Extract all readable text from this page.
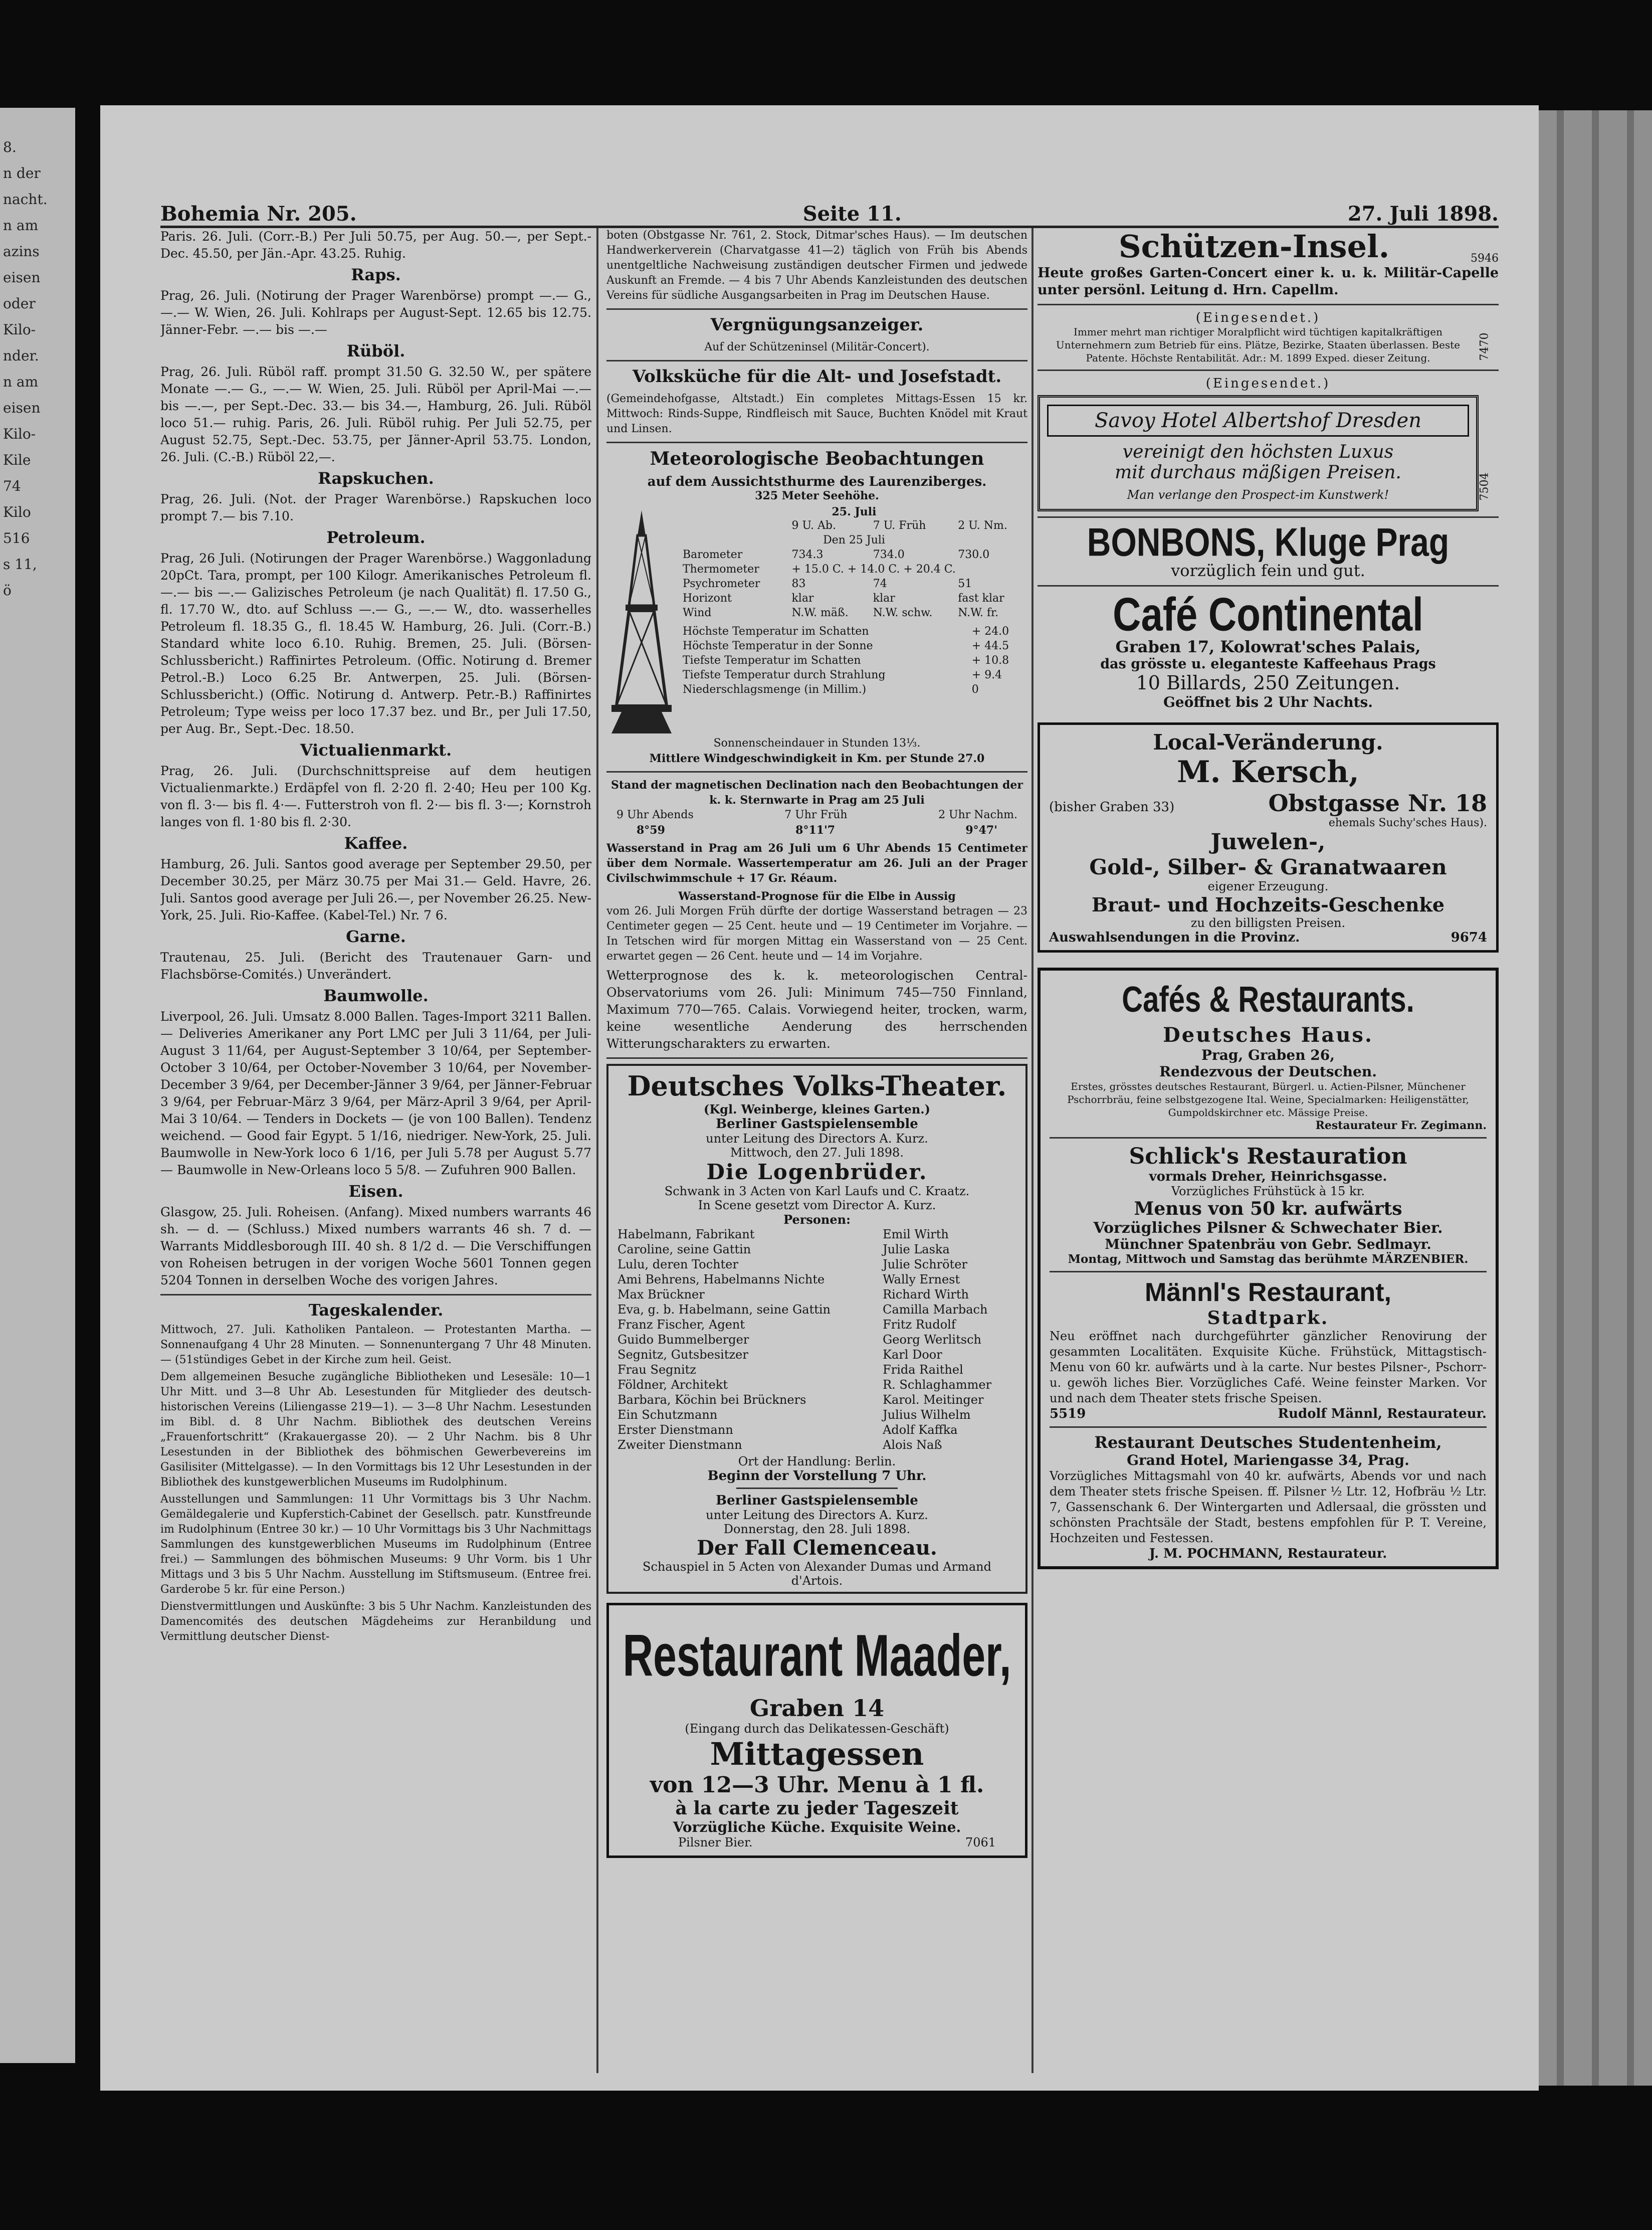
8.
n der
nacht.
n am
azins
eisen
oder
Kilo-
nder.
n am
eisen
Kilo-
Kile
74
Kilo
516
s 11,
ö
Bohemia Nr. 205.	Seite 11.	27. Juli 1898.

Paris. 26. Juli. (Corr.-B.) Per Juli 50.75, per Aug. 50.—, per Sept.-Dec. 45.50, per Jän.-Apr. 43.25. Ruhig.

Raps.

Prag, 26. Juli. (Notirung der Prager Warenbörse) prompt —.— G., —.— W. Wien, 26. Juli. Kohlraps per August-Sept. 12.65 bis 12.75. Jänner-Febr. —.— bis —.—

Rüböl.

Prag, 26. Juli. Rüböl raff. prompt 31.50 G. 32.50 W., per spätere Monate —.— G., —.— W. Wien, 25. Juli. Rüböl per April-Mai —.— bis —.—, per Sept.-Dec. 33.— bis 34.—, Hamburg, 26. Juli. Rüböl loco 51.— ruhig. Paris, 26. Juli. Rüböl ruhig. Per Juli 52.75, per August 52.75, Sept.-Dec. 53.75, per Jänner-April 53.75. London, 26. Juli. (C.-B.) Rüböl 22,—.

Rapskuchen.

Prag, 26. Juli. (Not. der Prager Warenbörse.) Rapskuchen loco prompt 7.— bis 7.10.

Petroleum.

Prag, 26 Juli. (Notirungen der Prager Warenbörse.) Waggonladung 20pCt. Tara, prompt, per 100 Kilogr. Amerikanisches Petroleum fl. —.— bis —.— Galizisches Petroleum (je nach Qualität) fl. 17.50 G., fl. 17.70 W., dto. auf Schluss —.— G., —.— W., dto. wasserhelles Petroleum fl. 18.35 G., fl. 18.45 W. Hamburg, 26. Juli. (Corr.-B.) Standard white loco 6.10. Ruhig. Bremen, 25. Juli. (Börsen-Schlussbericht.) Raffinirtes Petroleum. (Offic. Notirung d. Bremer Petrol.-B.) Loco 6.25 Br. Antwerpen, 25. Juli. (Börsen-Schlussbericht.) (Offic. Notirung d. Antwerp. Petr.-B.) Raffinirtes Petroleum; Type weiss per loco 17.37 bez. und Br., per Juli 17.50, per Aug. Br., Sept.-Dec. 18.50.

Victualienmarkt.

Prag, 26. Juli. (Durchschnittspreise auf dem heutigen Victualienmarkte.) Erdäpfel von fl. 2·20 fl. 2·40; Heu per 100 Kg. von fl. 3·— bis fl. 4·—. Futterstroh von fl. 2·— bis fl. 3·—; Kornstroh langes von fl. 1·80 bis fl. 2·30.

Kaffee.

Hamburg, 26. Juli. Santos good average per September 29.50, per December 30.25, per März 30.75 per Mai 31.— Geld. Havre, 26. Juli. Santos good average per Juli 26.—, per November 26.25. New-York, 25. Juli. Rio-Kaffee. (Kabel-Tel.) Nr. 7 6.

Garne.

Trautenau, 25. Juli. (Bericht des Trautenauer Garn- und Flachsbörse-Comités.) Unverändert.

Baumwolle.

Liverpool, 26. Juli. Umsatz 8.000 Ballen. Tages-Import 3211 Ballen. — Deliveries Amerikaner any Port LMC per Juli 3 11/64, per Juli-August 3 11/64, per August-September 3 10/64, per September-October 3 10/64, per October-November 3 10/64, per November-December 3 9/64, per December-Jänner 3 9/64, per Jänner-Februar 3 9/64, per Februar-März 3 9/64, per März-April 3 9/64, per April-Mai 3 10/64. — Tenders in Dockets — (je von 100 Ballen). Tendenz weichend. — Good fair Egypt. 5 1/16, niedriger. New-York, 25. Juli. Baumwolle in New-York loco 6 1/16, per Juli 5.78 per August 5.77 — Baumwolle in New-Orleans loco 5 5/8. — Zufuhren 900 Ballen.

Eisen.

Glasgow, 25. Juli. Roheisen. (Anfang). Mixed numbers warrants 46 sh. — d. — (Schluss.) Mixed numbers warrants 46 sh. 7 d. — Warrants Middlesborough III. 40 sh. 8 1/2 d. — Die Verschiffungen von Roheisen betrugen in der vorigen Woche 5601 Tonnen gegen 5204 Tonnen in derselben Woche des vorigen Jahres.

Tageskalender.

Mittwoch, 27. Juli. Katholiken Pantaleon. — Protestanten Martha. — Sonnenaufgang 4 Uhr 28 Minuten. — Sonnenuntergang 7 Uhr 48 Minuten. — (51stündiges Gebet in der Kirche zum heil. Geist.

Dem allgemeinen Besuche zugängliche Bibliotheken und Lesesäle: 10—1 Uhr Mitt. und 3—8 Uhr Ab. Lesestunden für Mitglieder des deutsch-historischen Vereins (Liliengasse 219—1). — 3—8 Uhr Nachm. Lesestunden im Bibl. d. 8 Uhr Nachm. Bibliothek des deutschen Vereins „Frauenfortschritt“ (Krakauergasse 20). — 2 Uhr Nachm. bis 8 Uhr Lesestunden in der Bibliothek des böhmischen Gewerbevereins im Gasilisiter (Mittelgasse). — In den Vormittags bis 12 Uhr Lesestunden in der Bibliothek des kunstgewerblichen Museums im Rudolphinum.

Ausstellungen und Sammlungen: 11 Uhr Vormittags bis 3 Uhr Nachm. Gemäldegalerie und Kupferstich-Cabinet der Gesellsch. patr. Kunstfreunde im Rudolphinum (Entree 30 kr.) — 10 Uhr Vormittags bis 3 Uhr Nachmittags Sammlungen des kunstgewerblichen Museums im Rudolphinum (Entree frei.) — Sammlungen des böhmischen Museums: 9 Uhr Vorm. bis 1 Uhr Mittags und 3 bis 5 Uhr Nachm. Ausstellung im Stiftsmuseum. (Entree frei. Garderobe 5 kr. für eine Person.)

Dienstvermittlungen und Auskünfte: 3 bis 5 Uhr Nachm. Kanzleistunden des Damencomités des deutschen Mägdeheims zur Heranbildung und Vermittlung deutscher Dienst-

boten (Obstgasse Nr. 761, 2. Stock, Ditmar'sches Haus). — Im deutschen Handwerkerverein (Charvatgasse 41—2) täglich von Früh bis Abends unentgeltliche Nachweisung zuständigen deutscher Firmen und jedwede Auskunft an Fremde. — 4 bis 7 Uhr Abends Kanzleistunden des deutschen Vereins für südliche Ausgangsarbeiten in Prag im Deutschen Hause.

Vergnügungsanzeiger.

Auf der Schützeninsel (Militär-Concert).

Volksküche für die Alt- und Josefstadt.

(Gemeindehofgasse, Altstadt.) Ein completes Mittags-Essen 15 kr. Mittwoch: Rinds-Suppe, Rindfleisch mit Sauce, Buchten Knödel mit Kraut und Linsen.

Meteorologische Beobachtungen
auf dem Aussichtsthurme des Laurenziberges.
325 Meter Seehöhe.
25. Juli
	9 U. Ab.	7 U. Früh	2 U. Nm.
Den 25 Juli			
Barometer	734.3	734.0	730.0
Thermometer	+ 15.0 C. + 14.0 C. + 20.4 C.		
Psychrometer	83	74	51
Horizont	klar	klar	fast klar
Wind	N.W. mäß.	N.W. schw.	N.W. fr.
Höchste Temperatur im Schatten	+ 24.0
Höchste Temperatur in der Sonne	+ 44.5
Tiefste Temperatur im Schatten	+ 10.8
Tiefste Temperatur durch Strahlung	+ 9.4
Niederschlagsmenge (in Millim.)	0

Sonnenscheindauer in Stunden 13⅓.

Mittlere Windgeschwindigkeit in Km. per Stunde 27.0

Stand der magnetischen Declination nach den Beobachtungen der k. k. Sternwarte in Prag am 25 Juli

9 Uhr Abends	7 Uhr Früh	2 Uhr Nachm.
8°59	8°11'7	9°47'

Wasserstand in Prag am 26 Juli um 6 Uhr Abends 15 Centimeter über dem Normale. Wassertemperatur am 26. Juli an der Prager Civilschwimmschule + 17 Gr. Réaum.

Wasserstand-Prognose für die Elbe in Aussig

vom 26. Juli Morgen Früh dürfte der dortige Wasserstand betragen — 23 Centimeter gegen — 25 Cent. heute und — 19 Centimeter im Vorjahre. — In Tetschen wird für morgen Mittag ein Wasserstand von — 25 Cent. erwartet gegen — 26 Cent. heute und — 14 im Vorjahre.

Wetterprognose des k. k. meteorologischen Central-Observatoriums vom 26. Juli: Minimum 745—750 Finnland, Maximum 770—765. Calais. Vorwiegend heiter, trocken, warm, keine wesentliche Aenderung des herrschenden Witterungscharakters zu erwarten.

Deutsches Volks-Theater.
(Kgl. Weinberge, kleines Garten.)
Berliner Gastspielensemble
unter Leitung des Directors A. Kurz.
Mittwoch, den 27. Juli 1898.
Die Logenbrüder.
Schwank in 3 Acten von Karl Laufs und C. Kraatz.
In Scene gesetzt vom Director A. Kurz.
Personen:
Habelmann, Fabrikant	Emil Wirth
Caroline, seine Gattin	Julie Laska
Lulu, deren Tochter	Julie Schröter
Ami Behrens, Habelmanns Nichte	Wally Ernest
Max Brückner	Richard Wirth
Eva, g. b. Habelmann, seine Gattin	Camilla Marbach
Franz Fischer, Agent	Fritz Rudolf
Guido Bummelberger	Georg Werlitsch
Segnitz, Gutsbesitzer	Karl Door
Frau Segnitz	Frida Raithel
Földner, Architekt	R. Schlaghammer
Barbara, Köchin bei Brückners	Karol. Meitinger
Ein Schutzmann	Julius Wilhelm
Erster Dienstmann	Adolf Kaffka
Zweiter Dienstmann	Alois Naß
Ort der Handlung: Berlin.
Beginn der Vorstellung 7 Uhr.
Berliner Gastspielensemble
unter Leitung des Directors A. Kurz.
Donnerstag, den 28. Juli 1898.
Der Fall Clemenceau.
Schauspiel in 5 Acten von Alexander Dumas und Armand d'Artois.
Restaurant Maader,
Graben 14
(Eingang durch das Delikatessen-Geschäft)
Mittagessen
von 12—3 Uhr. Menu à 1 fl.
à la carte zu jeder Tageszeit
Vorzügliche Küche. Exquisite Weine.
Pilsner Bier.	7061
Schützen-Insel.	5946

Heute großes Garten-Concert einer k. u. k. Militär-Capelle unter persönl. Leitung d. Hrn. Capellm.

(Eingesendet.)

Immer mehrt man richtiger Moralpflicht wird tüchtigen kapitalkräftigen Unternehmern zum Betrieb für eins. Plätze, Bezirke, Staaten überlassen. Beste Patente. Höchste Rentabilität. Adr.: M. 1899 Exped. dieser Zeitung.	7470
(Eingesendet.)
Savoy Hotel Albertshof Dresden
vereinigt den höchsten Luxus
mit durchaus mäßigen Preisen.
Man verlange den Prospect-im Kunstwerk!	7504
BONBONS, Kluge Prag
vorzüglich fein und gut.
Café Continental
Graben 17, Kolowrat'sches Palais,
das grösste u. eleganteste Kaffeehaus Prags
10 Billards, 250 Zeitungen.
Geöffnet bis 2 Uhr Nachts.
Local-Veränderung.
M. Kersch,
(bisher Graben 33)	Obstgasse Nr. 18
ehemals Suchy'sches Haus).
Juwelen-,
Gold-, Silber- & Granatwaaren
eigener Erzeugung.
Braut- und Hochzeits-Geschenke
zu den billigsten Preisen.
Auswahlsendungen in die Provinz.	9674
Cafés & Restaurants.
Deutsches Haus.
Prag, Graben 26,
Rendezvous der Deutschen.

Erstes, grösstes deutsches Restaurant, Bürgerl. u. Actien-Pilsner, Münchener Pschorrbräu, feine selbstgezogene Ital. Weine, Specialmarken: Heiligenstätter, Gumpoldskirchner etc. Mässige Preise.

Restaurateur Fr. Zegimann.
Schlick's Restauration
vormals Dreher, Heinrichsgasse.
Vorzügliches Frühstück à 15 kr.
Menus von 50 kr. aufwärts
Vorzügliches Pilsner & Schwechater Bier.
Münchner Spatenbräu von Gebr. Sedlmayr.
Montag, Mittwoch und Samstag das berühmte MÄRZENBIER.
Männl's Restaurant,
Stadtpark.

Neu eröffnet nach durchgeführter gänzlicher Renovirung der gesammten Localitäten. Exquisite Küche. Frühstück, Mittagstisch-Menu von 60 kr. aufwärts und à la carte. Nur bestes Pilsner-, Pschorr- u. gewöh liches Bier. Vorzügliches Café. Weine feinster Marken. Vor und nach dem Theater stets frische Speisen.

5519	Rudolf Männl, Restaurateur.
Restaurant Deutsches Studentenheim,
Grand Hotel, Mariengasse 34, Prag.

Vorzügliches Mittagsmahl von 40 kr. aufwärts, Abends vor und nach dem Theater stets frische Speisen. ff. Pilsner ½ Ltr. 12, Hofbräu ½ Ltr. 7, Gassenschank 6. Der Wintergarten und Adlersaal, die grössten und schönsten Prachtsäle der Stadt, bestens empfohlen für P. T. Vereine, Hochzeiten und Festessen.

J. M. POCHMANN, Restaurateur.
